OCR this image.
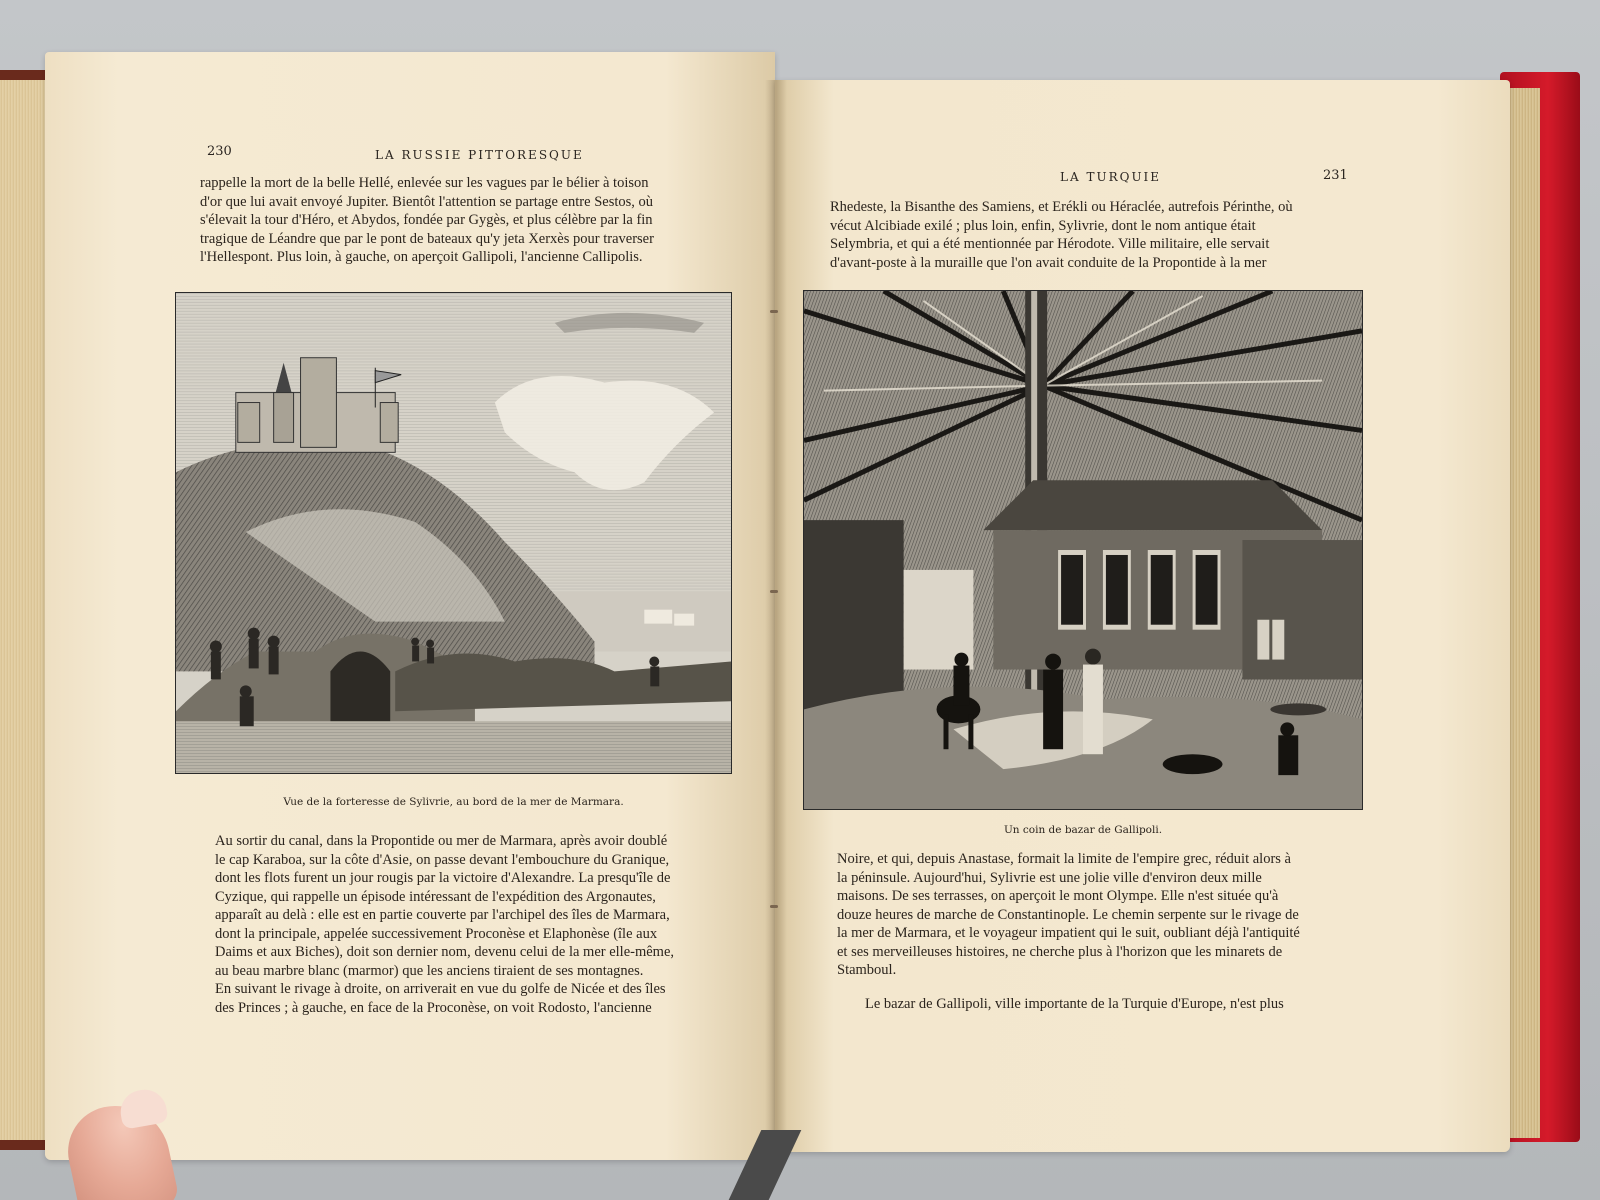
230	LA RUSSIE PITTORESQUE

rappelle la mort de la belle Hellé, enlevée sur les vagues par le bélier à toison

d'or que lui avait envoyé Jupiter. Bientôt l'attention se partage entre Sestos, où

s'élevait la tour d'Héro, et Abydos, fondée par Gygès, et plus célèbre par la fin

tragique de Léandre que par le pont de bateaux qu'y jeta Xerxès pour traverser

l'Hellespont. Plus loin, à gauche, on aperçoit Gallipoli, l'ancienne Callipolis.

Vue de la forteresse de Sylivrie, au bord de la mer de Marmara.

Au sortir du canal, dans la Propontide ou mer de Marmara, après avoir doublé

le cap Karaboa, sur la côte d'Asie, on passe devant l'embouchure du Granique,

dont les flots furent un jour rougis par la victoire d'Alexandre. La presqu'île de

Cyzique, qui rappelle un épisode intéressant de l'expédition des Argonautes,

apparaît au delà : elle est en partie couverte par l'archipel des îles de Marmara,

dont la principale, appelée successivement Proconèse et Elaphonèse (île aux

Daims et aux Biches), doit son dernier nom, devenu celui de la mer elle-même,

au beau marbre blanc (marmor) que les anciens tiraient de ses montagnes.

En suivant le rivage à droite, on arriverait en vue du golfe de Nicée et des îles

des Princes ; à gauche, en face de la Proconèse, on voit Rodosto, l'ancienne

LA TURQUIE	231

Rhedeste, la Bisanthe des Samiens, et Erékli ou Héraclée, autrefois Périnthe, où

vécut Alcibiade exilé ; plus loin, enfin, Sylivrie, dont le nom antique était

Selymbria, et qui a été mentionnée par Hérodote. Ville militaire, elle servait

d'avant-poste à la muraille que l'on avait conduite de la Propontide à la mer

Un coin de bazar de Gallipoli.

Noire, et qui, depuis Anastase, formait la limite de l'empire grec, réduit alors à

la péninsule. Aujourd'hui, Sylivrie est une jolie ville d'environ deux mille

maisons. De ses terrasses, on aperçoit le mont Olympe. Elle n'est située qu'à

douze heures de marche de Constantinople. Le chemin serpente sur le rivage de

la mer de Marmara, et le voyageur impatient qui le suit, oubliant déjà l'antiquité

et ses merveilleuses histoires, ne cherche plus à l'horizon que les minarets de

Stamboul.

Le bazar de Gallipoli, ville importante de la Turquie d'Europe, n'est plus
